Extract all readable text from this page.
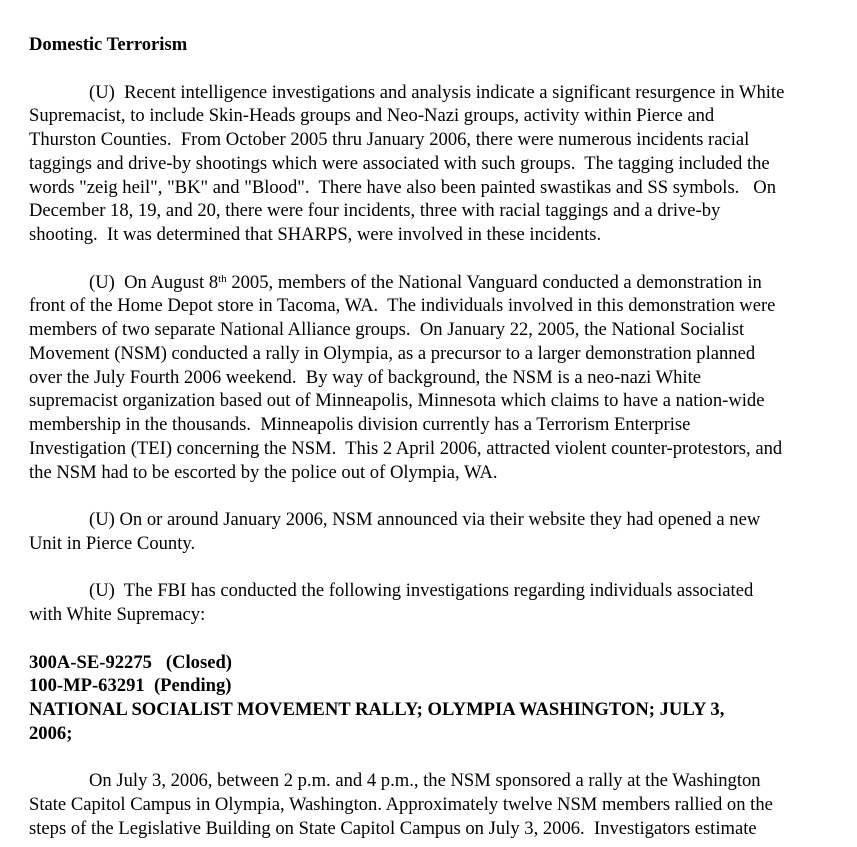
Domestic Terrorism
(U)  Recent intelligence investigations and analysis indicate a significant resurgence in White
Supremacist, to include Skin-Heads groups and Neo-Nazi groups, activity within Pierce and
Thurston Counties.  From October 2005 thru January 2006, there were numerous incidents racial
taggings and drive-by shootings which were associated with such groups.  The tagging included the
words "zeig heil", "BK" and "Blood".  There have also been painted swastikas and SS symbols.   On
December 18, 19, and 20, there were four incidents, three with racial taggings and a drive-by
shooting.  It was determined that SHARPS, were involved in these incidents.
(U)  On August 8th 2005, members of the National Vanguard conducted a demonstration in
front of the Home Depot store in Tacoma, WA.  The individuals involved in this demonstration were
members of two separate National Alliance groups.  On January 22, 2005, the National Socialist
Movement (NSM) conducted a rally in Olympia, as a precursor to a larger demonstration planned
over the July Fourth 2006 weekend.  By way of background, the NSM is a neo-nazi White
supremacist organization based out of Minneapolis, Minnesota which claims to have a nation-wide
membership in the thousands.  Minneapolis division currently has a Terrorism Enterprise
Investigation (TEI) concerning the NSM.  This 2 April 2006, attracted violent counter-protestors, and
the NSM had to be escorted by the police out of Olympia, WA.
(U) On or around January 2006, NSM announced via their website they had opened a new
Unit in Pierce County.
(U)  The FBI has conducted the following investigations regarding individuals associated
with White Supremacy:
300A-SE-92275   (Closed)
100-MP-63291  (Pending)
NATIONAL SOCIALIST MOVEMENT RALLY; OLYMPIA WASHINGTON; JULY 3,
2006;
On July 3, 2006, between 2 p.m. and 4 p.m., the NSM sponsored a rally at the Washington
State Capitol Campus in Olympia, Washington. Approximately twelve NSM members rallied on the
steps of the Legislative Building on State Capitol Campus on July 3, 2006.  Investigators estimate
